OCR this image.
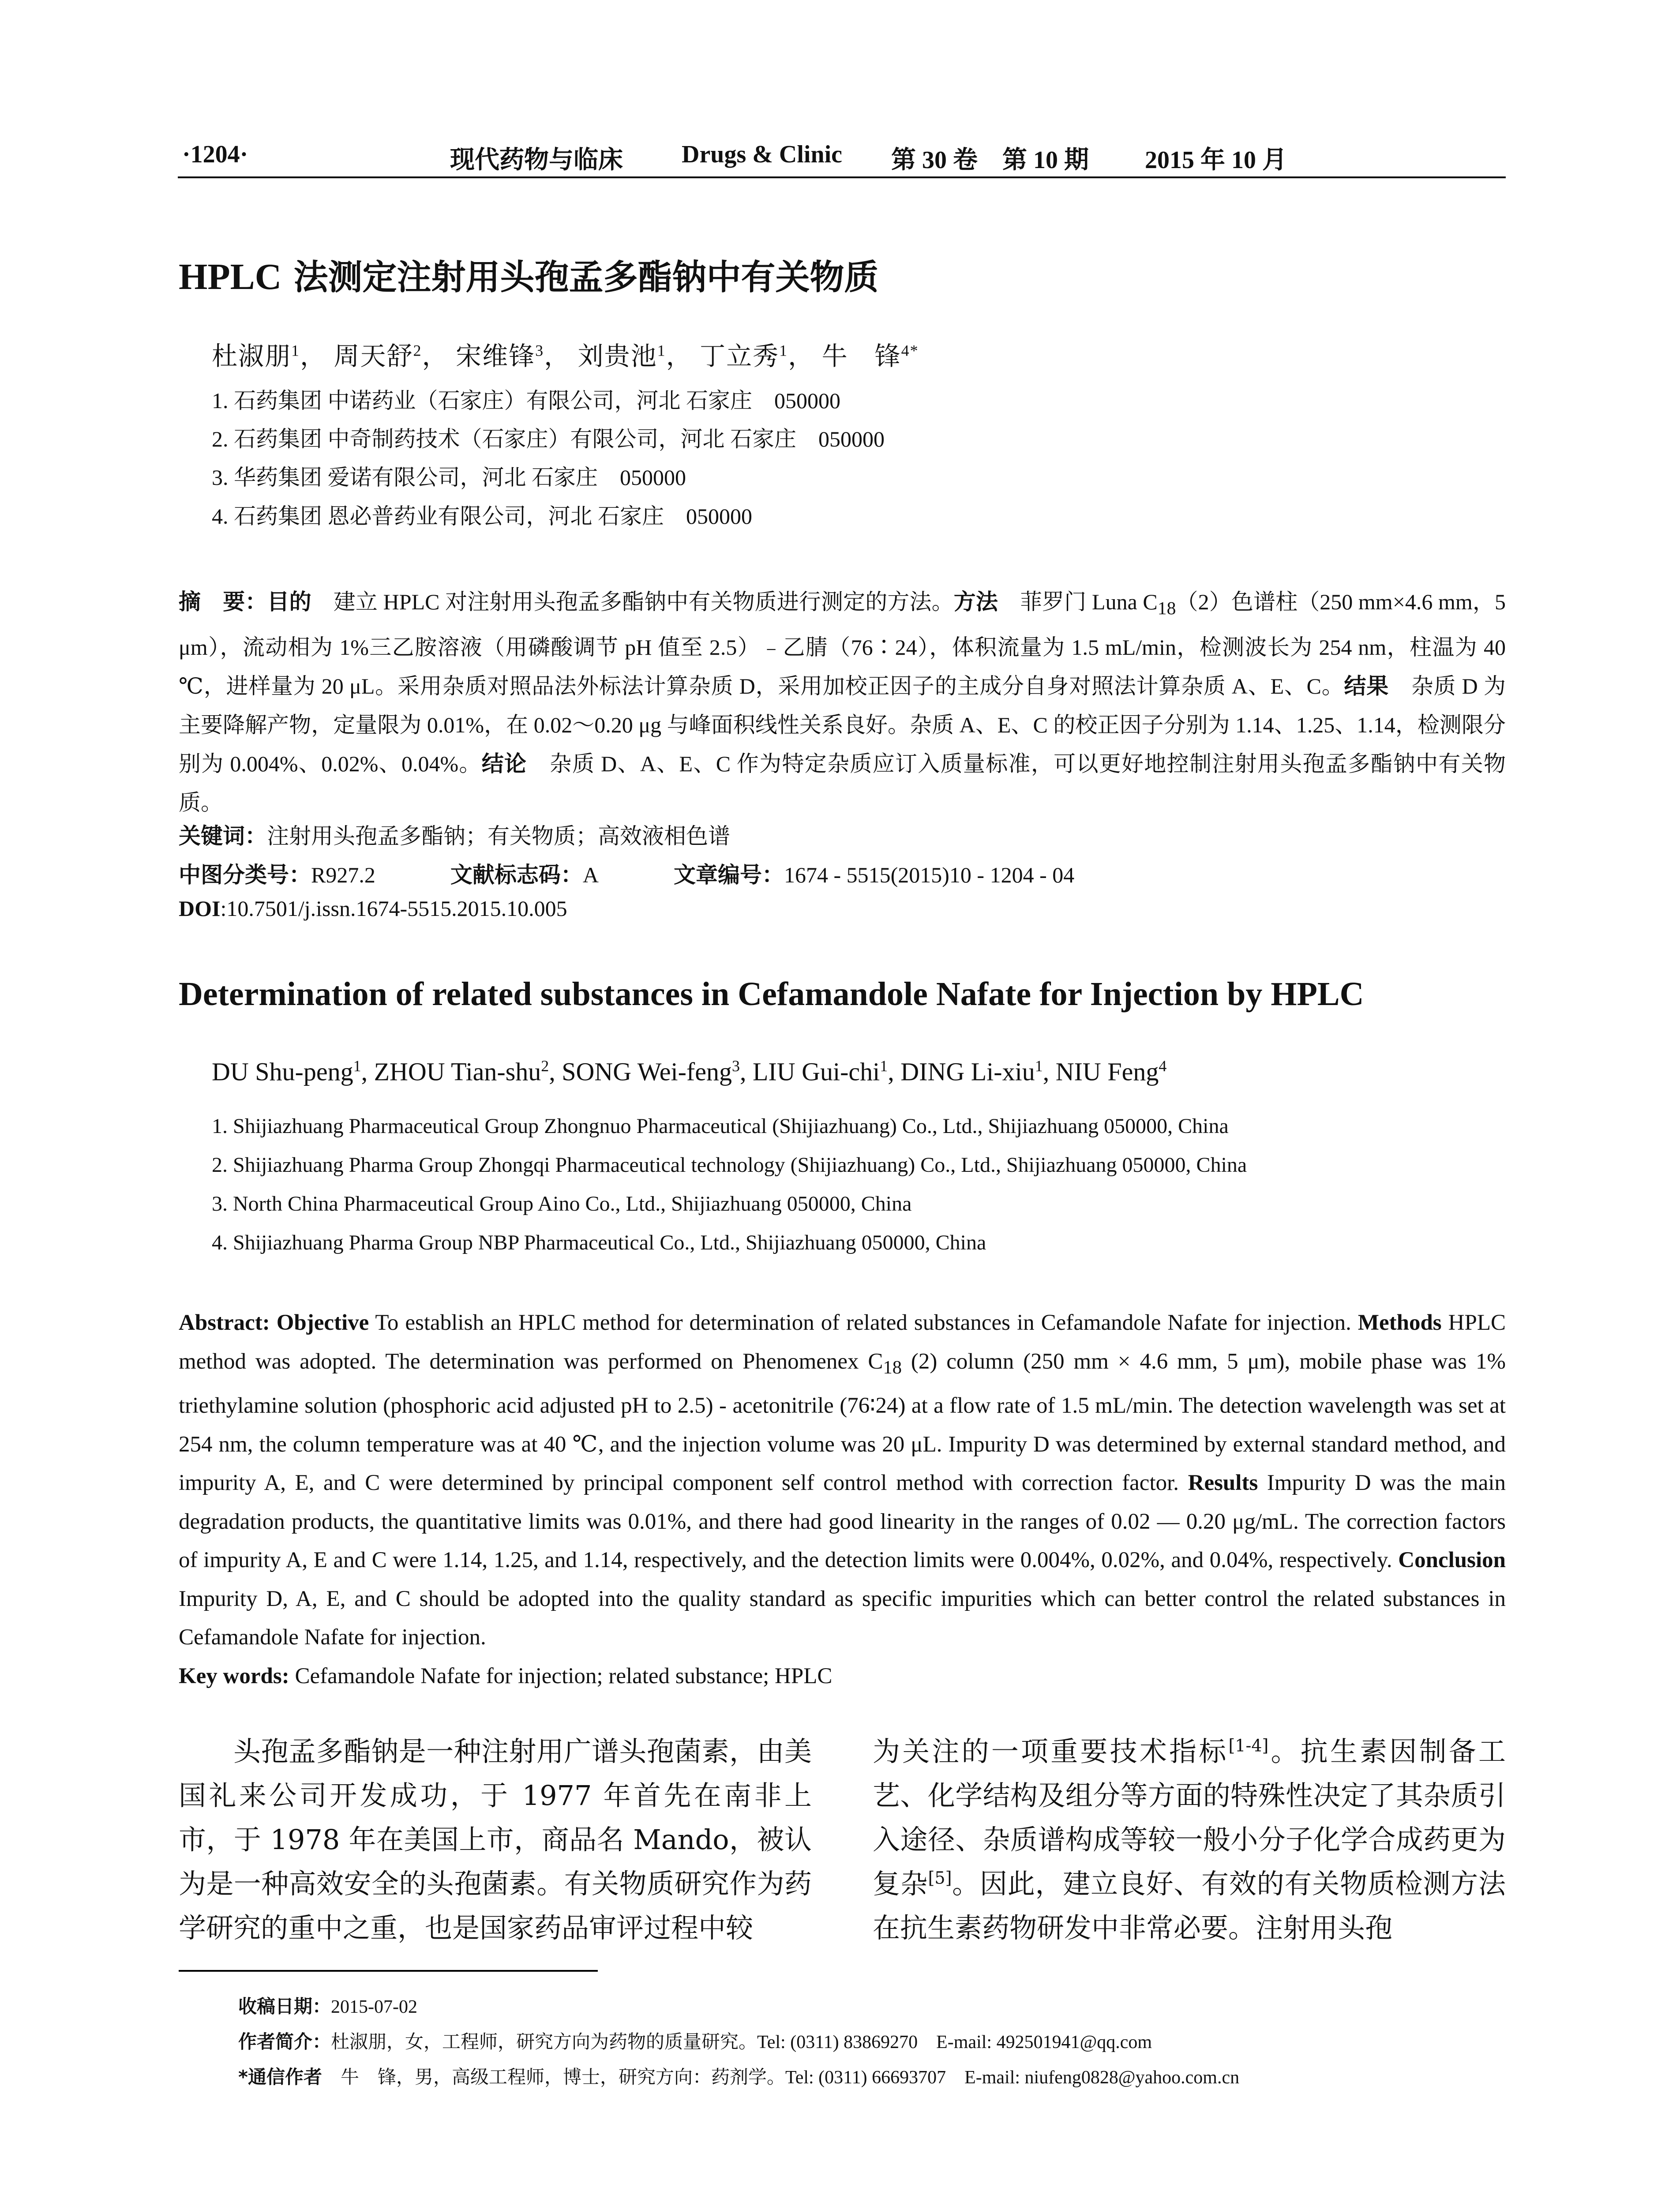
·1204·	现代药物与临床 Drugs & Clinic 第 30 卷　第 10 期 2015 年 10 月
HPLC 法测定注射用头孢孟多酯钠中有关物质
杜淑朋$^1$， 周天舒$^2$， 宋维锋$^3$， 刘贵池$^1$， 丁立秀$^1$， 牛　锋$^{4*}$
1. 石药集团 中诺药业（石家庄）有限公司，河北 石家庄　050000
2. 石药集团 中奇制药技术（石家庄）有限公司，河北 石家庄　050000
3. 华药集团 爱诺有限公司，河北 石家庄　050000
4. 石药集团 恩必普药业有限公司，河北 石家庄　050000
摘　要：目的　建立 HPLC 对注射用头孢孟多酯钠中有关物质进行测定的方法。方法　菲罗门 Luna $C_{18}(2)$色谱柱（250 mm×4.6 mm，5 μm），流动相为 1%三乙胺溶液（用磷酸调节 pH 值至 2.5）﹣乙腈（76∶24），体积流量为 1.5 mL/min，检测波长为 254 nm，柱温为 40 ℃，进样量为 20 μL。采用杂质对照品法外标法计算杂质 D，采用加校正因子的主成分自身对照法计算杂质 A、E、C。结果　杂质 D 为主要降解产物，定量限为 0.01%，在 0.02～0.20 μg 与峰面积线性关系良好。杂质 A、E、C 的校正因子分别为 1.14、1.25、1.14，检测限分别为 0.004%、0.02%、0.04%。结论　杂质 D、A、E、C 作为特定杂质应订入质量标准，可以更好地控制注射用头孢孟多酯钠中有关物质。
关键词：注射用头孢孟多酯钠；有关物质；高效液相色谱
中图分类号：R927.2	文献标志码：A	文章编号：1674 - 5515(2015)10 - 1204 - 04
DOI:10.7501/j.issn.1674-5515.2015.10.005
Determination of related substances in Cefamandole Nafate for Injection by HPLC
DU Shu-peng$^1$, ZHOU Tian-shu$^2$, SONG Wei-feng$^3$, LIU Gui-chi$^1$, DING Li-xiu$^1$, NIU Feng$^4$
1. Shijiazhuang Pharmaceutical Group Zhongnuo Pharmaceutical (Shijiazhuang) Co., Ltd., Shijiazhuang 050000, China
2. Shijiazhuang Pharma Group Zhongqi Pharmaceutical technology (Shijiazhuang) Co., Ltd., Shijiazhuang 050000, China
3. North China Pharmaceutical Group Aino Co., Ltd., Shijiazhuang 050000, China
4. Shijiazhuang Pharma Group NBP Pharmaceutical Co., Ltd., Shijiazhuang 050000, China
Abstract: Objective To establish an HPLC method for determination of related substances in Cefamandole Nafate for injection. Methods HPLC method was adopted. The determination was performed on Phenomenex $C_{18}$ (2) column (250 mm × 4.6 mm, 5 μm), mobile phase was 1% triethylamine solution (phosphoric acid adjusted pH to 2.5) - acetonitrile (76∶24) at a flow rate of 1.5 mL/min. The detection wavelength was set at 254 nm, the column temperature was at 40 ℃, and the injection volume was 20 μL. Impurity D was determined by external standard method, and impurity A, E, and C were determined by principal component self control method with correction factor. Results Impurity D was the main degradation products, the quantitative limits was 0.01%, and there had good linearity in the ranges of 0.02 — 0.20 μg/mL. The correction factors of impurity A, E and C were 1.14, 1.25, and 1.14, respectively, and the detection limits were 0.004%, 0.02%, and 0.04%, respectively. Conclusion Impurity D, A, E, and C should be adopted into the quality standard as specific impurities which can better control the related substances in Cefamandole Nafate for injection.
Key words: Cefamandole Nafate for injection; related substance; HPLC
头孢孟多酯钠是一种注射用广谱头孢菌素，由美国礼来公司开发成功，于 1977 年首先在南非上市，于 1978 年在美国上市，商品名 Mando，被认为是一种高效安全的头孢菌素。有关物质研究作为药学研究的重中之重，也是国家药品审评过程中较
为关注的一项重要技术指标[1-4]。抗生素因制备工艺、化学结构及组分等方面的特殊性决定了其杂质引入途径、杂质谱构成等较一般小分子化学合成药更为复杂[5]。因此，建立良好、有效的有关物质检测方法在抗生素药物研发中非常必要。注射用头孢
收稿日期：2015-07-02
作者简介：杜淑朋，女，工程师，研究方向为药物的质量研究。Tel: (0311) 83869270　E-mail: 492501941@qq.com
*通信作者　牛　锋，男，高级工程师，博士，研究方向：药剂学。Tel: (0311) 66693707　E-mail: niufeng0828@yahoo.com.cn
